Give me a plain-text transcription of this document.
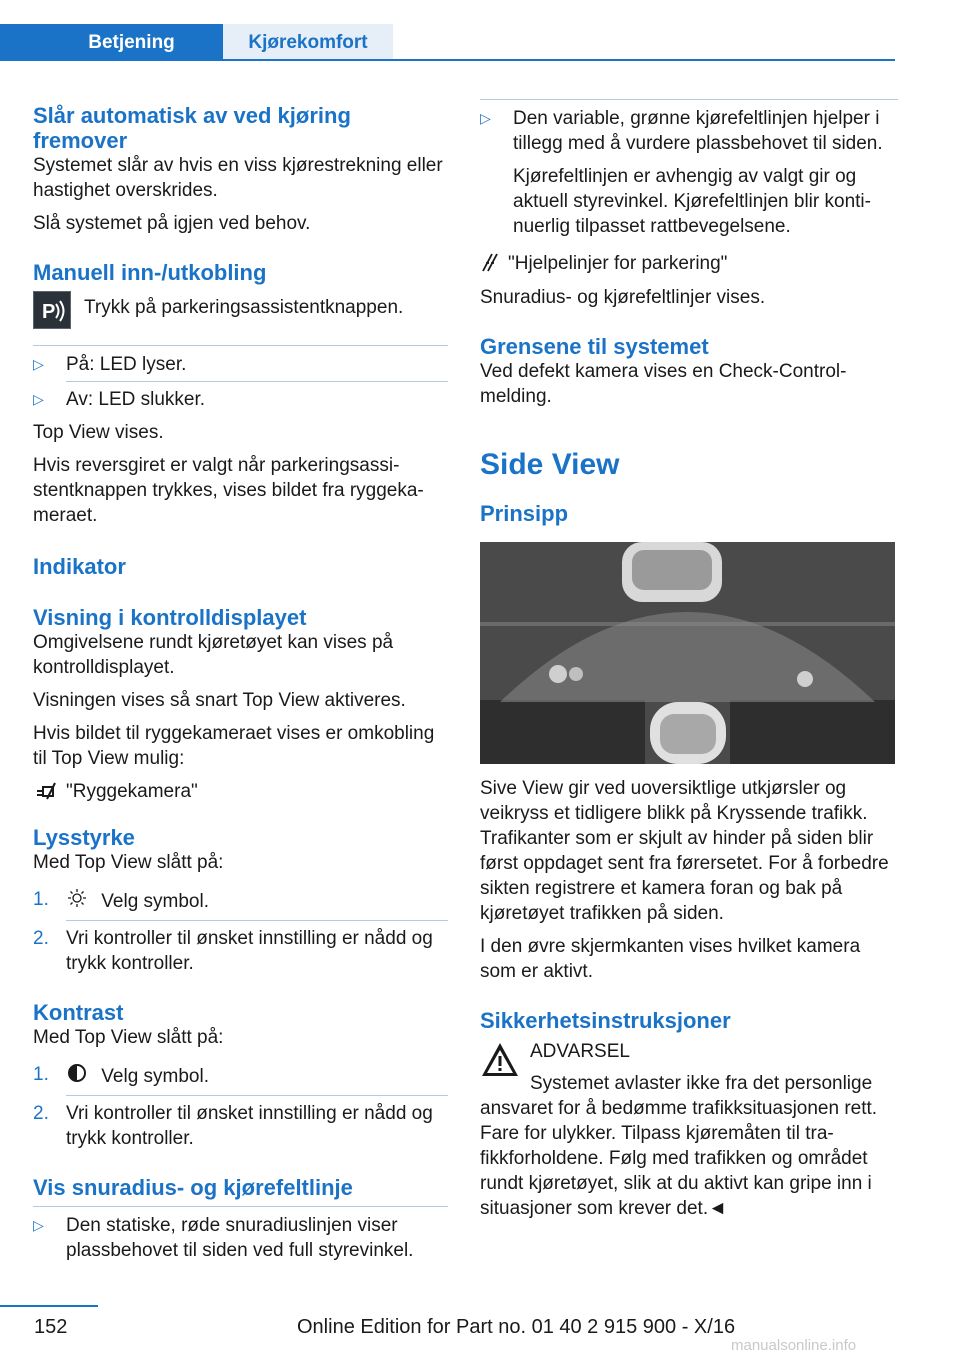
Betjening	Kjørekomfort
Slår automatisk av ved kjøring fremover

Systemet slår av hvis en viss kjørestrekning eller hastighet overskrides.

Slå systemet på igjen ved behov.

Manuell inn-/utkobling
P Trykk på parkeringsassistentknappen.
▷ På: LED lyser.
▷ Av: LED slukker.

Top View vises.

Hvis reversgiret er valgt når parkeringsassistentknappen trykkes, vises bildet fra ryggekameraet.

Indikator
Visning i kontrolldisplayet

Omgivelsene rundt kjøretøyet kan vises på kontrolldisplayet.

Visningen vises så snart Top View aktiveres.

Hvis bildet til ryggekameraet vises er omkobling til Top View mulig:

"Ryggekamera"
Lysstyrke

Med Top View slått på:

1.	Velg symbol.
2. Vri kontroller til ønsket innstilling er nådd og trykk kontroller.
Kontrast

Med Top View slått på:

1.	Velg symbol.
2. Vri kontroller til ønsket innstilling er nådd og trykk kontroller.
Vis snuradius- og kjørefeltlinje
▷ Den statiske, røde snuradiuslinjen viser plassbehovet til siden ved full styrevinkel.
▷ Den variable, grønne kjørefeltlinjen hjelper i tillegg med å vurdere plassbehovet til siden.

Kjørefeltlinjen er avhengig av valgt gir og aktuell styrevinkel. Kjørefeltlinjen blir kontinuerlig tilpasset rattbevegelsene.

"Hjelpelinjer for parkering"

Snuradius- og kjørefeltlinjer vises.

Grensene til systemet

Ved defekt kamera vises en Check-Control-melding.

Side View
Prinsipp

Sive View gir ved uoversiktlige utkjørsler og veikryss et tidligere blikk på Kryssende trafikk. Trafikanter som er skjult av hinder på siden blir først oppdaget sent fra førersetet. For å forbedre sikten registrere et kamera foran og bak på kjøretøyet trafikken på siden.

I den øvre skjermkanten vises hvilket kamera som er aktivt.

Sikkerhetsinstruksjoner
ADVARSEL

Systemet avlaster ikke fra det personlige ansvaret for å bedømme trafikksituasjonen rett. Fare for ulykker. Tilpass kjøremåten til trafikkforholdene. Følg med trafikken og området rundt kjøretøyet, slik at du aktivt kan gripe inn i situasjoner som krever det.◄

152	Online Edition for Part no. 01 40 2 915 900 - X/16
manualsonline.info
